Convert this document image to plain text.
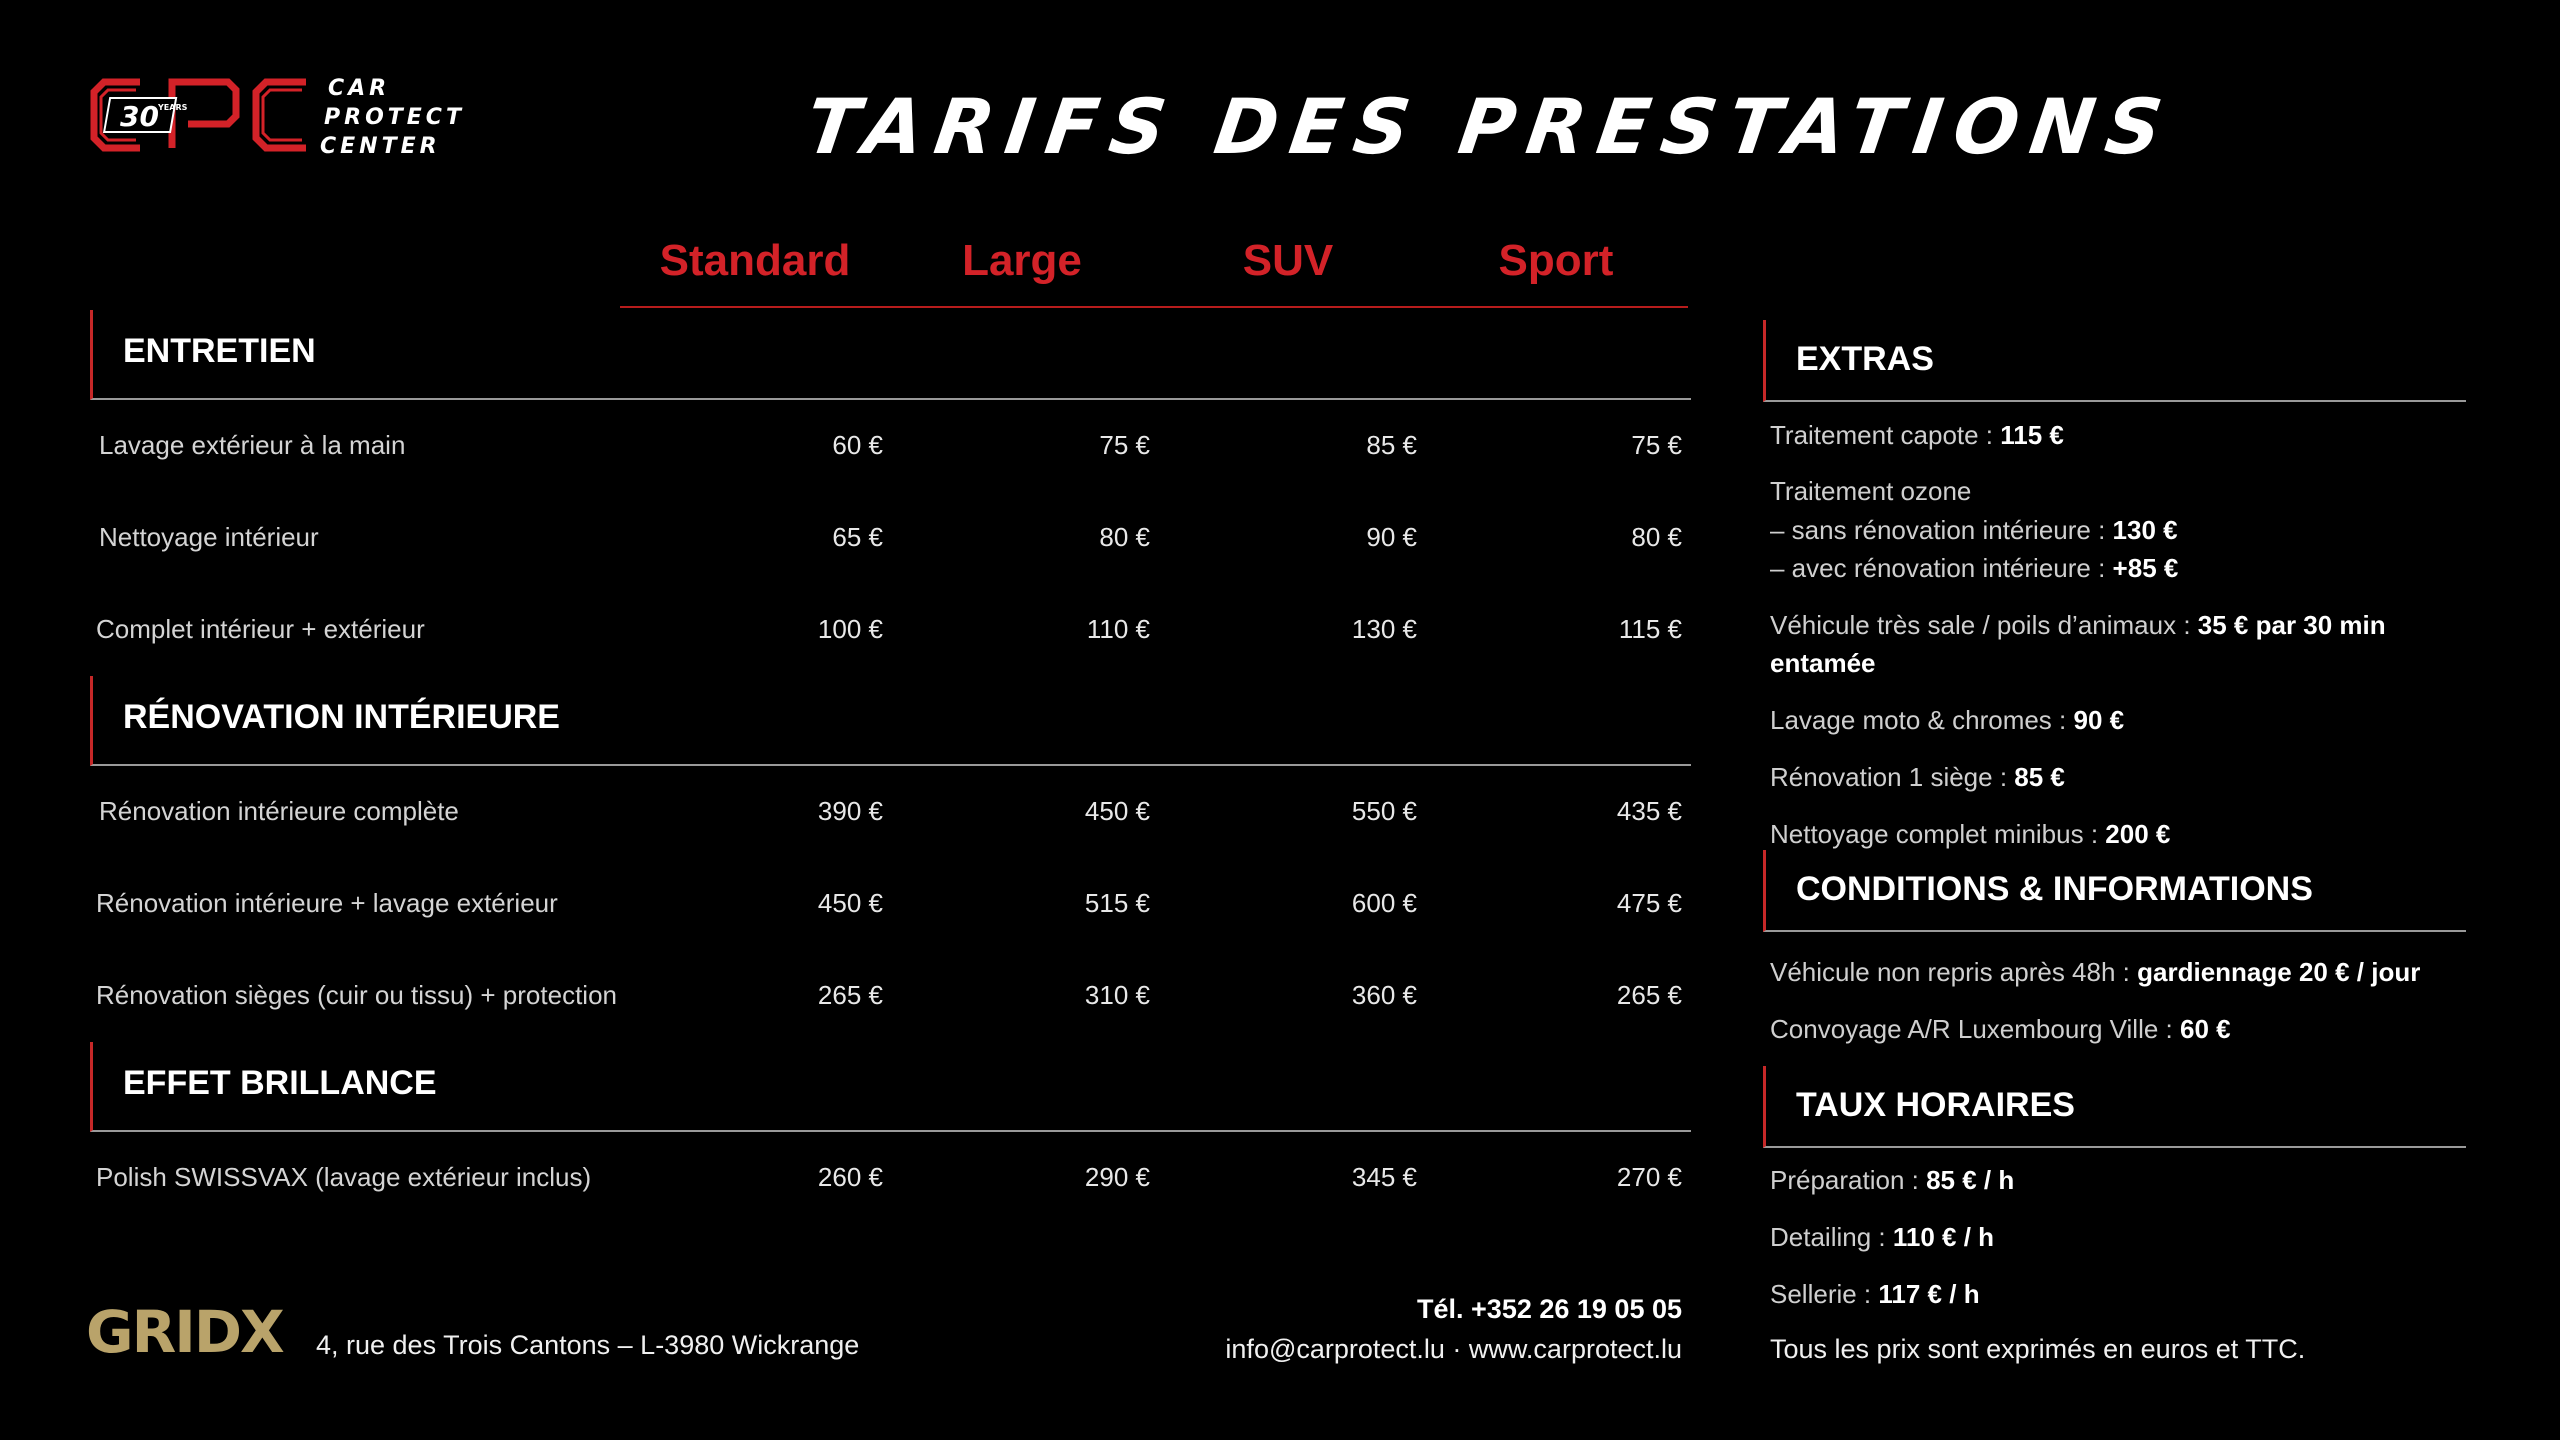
30 YEARS
CAR
PROTECT
CENTER	TARIFS DES PRESTATIONS
Standard	Large	SUV	Sport
ENTRETIEN
Lavage extérieur à la main	60 €	75 €	85 €	75 €
Nettoyage intérieur	65 €	80 €	90 €	80 €
Complet intérieur + extérieur	100 €	110 €	130 €	115 €
RÉNOVATION INTÉRIEURE
Rénovation intérieure complète	390 €	450 €	550 €	435 €
Rénovation intérieure + lavage extérieur	450 €	515 €	600 €	475 €
Rénovation sièges (cuir ou tissu) + protection	265 €	310 €	360 €	265 €
EFFET BRILLANCE
Polish SWISSVAX (lavage extérieur inclus)	260 €	290 €	345 €	270 €
EXTRAS
Traitement capote : 115 €
Traitement ozone
– sans rénovation intérieure : 130 €
– avec rénovation intérieure : +85 €
Véhicule très sale / poils d’animaux : 35 € par 30 min
entamée
Lavage moto & chromes : 90 €
Rénovation 1 siège : 85 €
Nettoyage complet minibus : 200 €
CONDITIONS & INFORMATIONS
Véhicule non repris après 48h : gardiennage 20 € / jour
Convoyage A/R Luxembourg Ville : 60 €
TAUX HORAIRES
Préparation : 85 € / h
Detailing : 110 € / h
Sellerie : 117 € / h
GRIDX 4, rue des Trois Cantons – L-3980 Wickrange
Tél. +352 26 19 05 05
info@carprotect.lu · www.carprotect.lu	Tous les prix sont exprimés en euros et TTC.
